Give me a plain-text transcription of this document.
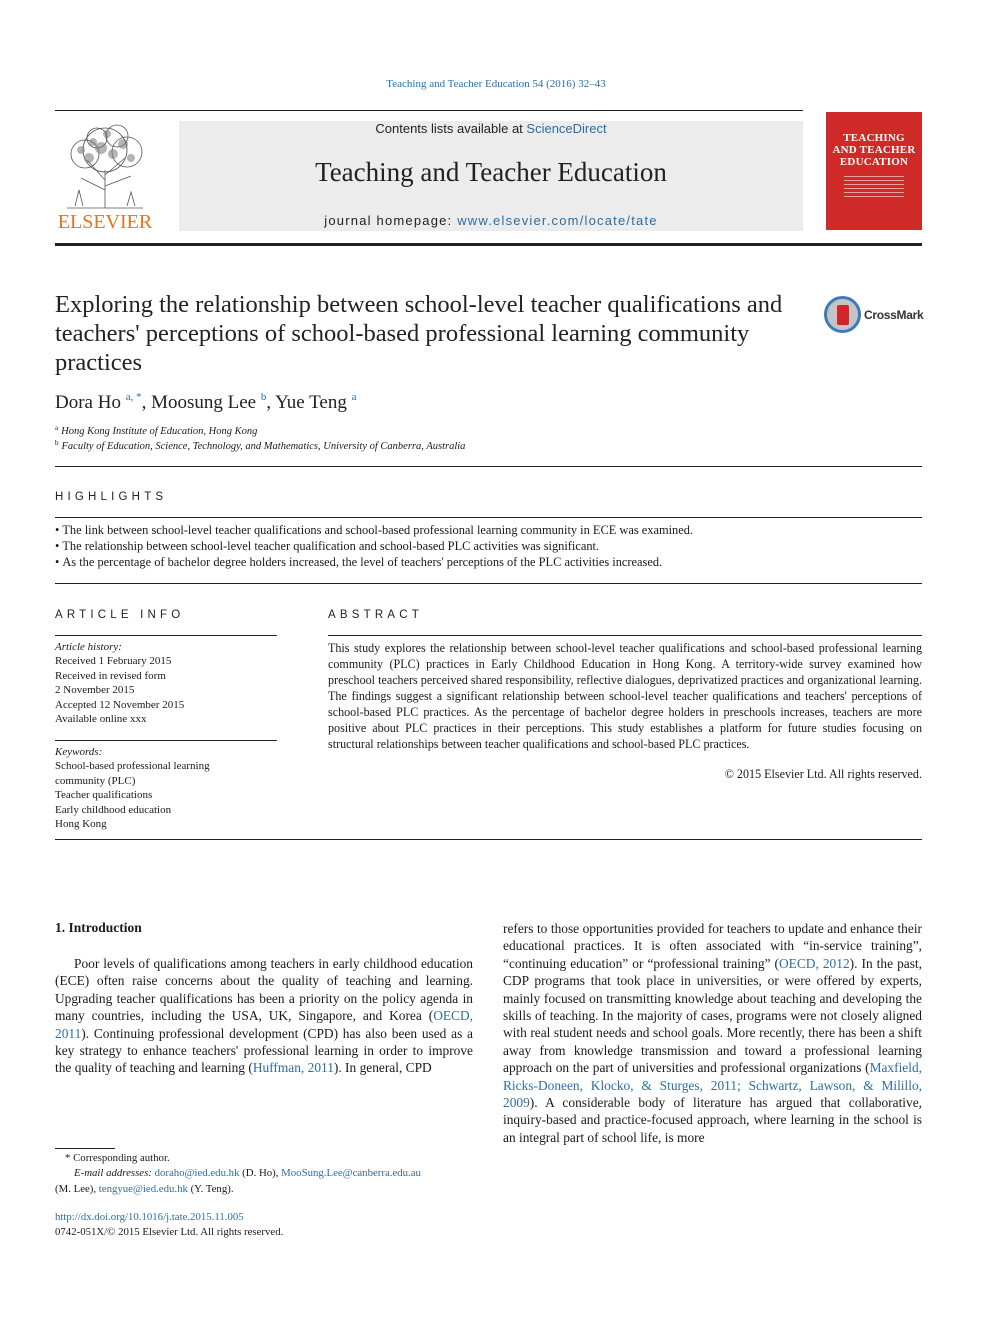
Teaching and Teacher Education 54 (2016) 32–43
ELSEVIER
Contents lists available at ScienceDirect
Teaching and Teacher Education
journal homepage: www.elsevier.com/locate/tate
TEACHING AND TEACHER EDUCATION
Exploring the relationship between school-level teacher qualifications and teachers' perceptions of school-based professional learning community practices
CrossMark
Dora Ho $^{a, *}$, Moosung Lee $^b$, Yue Teng $^a$
$^a$ Hong Kong Institute of Education, Hong Kong
$^b$ Faculty of Education, Science, Technology, and Mathematics, University of Canberra, Australia
HIGHLIGHTS
• The link between school-level teacher qualifications and school-based professional learning community in ECE was examined.
• The relationship between school-level teacher qualification and school-based PLC activities was significant.
• As the percentage of bachelor degree holders increased, the level of teachers' perceptions of the PLC activities increased.
ARTICLE INFO	ABSTRACT
Article history:
Received 1 February 2015
Received in revised form
2 November 2015
Accepted 12 November 2015
Available online xxx
Keywords:
School-based professional learning
community (PLC)
Teacher qualifications
Early childhood education
Hong Kong
This study explores the relationship between school-level teacher qualifications and school-based professional learning community (PLC) practices in Early Childhood Education in Hong Kong. A territory-wide survey examined how preschool teachers perceived shared responsibility, reflective dialogues, deprivatized practices and organizational learning. The findings suggest a significant relationship between school-level teacher qualifications and teachers' perceptions of school-based PLC practices. As the percentage of bachelor degree holders in preschools increases, teachers are more positive about PLC practices in their perceptions. This study establishes a platform for future studies focusing on structural relationships between teacher qualifications and school-based PLC practices.
© 2015 Elsevier Ltd. All rights reserved.
1. Introduction
Poor levels of qualifications among teachers in early childhood education (ECE) often raise concerns about the quality of teaching and learning. Upgrading teacher qualifications has been a priority on the policy agenda in many countries, including the USA, UK, Singapore, and Korea (OECD, 2011). Continuing professional development (CPD) has also been used as a key strategy to enhance teachers' professional learning in order to improve the quality of teaching and learning (Huffman, 2011). In general, CPD
refers to those opportunities provided for teachers to update and enhance their educational practices. It is often associated with “in-service training”, “continuing education” or “professional training” (OECD, 2012). In the past, CDP programs that took place in universities, or were offered by experts, mainly focused on transmitting knowledge about teaching and developing the skills of teaching. In the majority of cases, programs were not closely aligned with real student needs and school goals. More recently, there has been a shift away from knowledge transmission and toward a professional learning approach on the part of universities and professional organizations (Maxfield, Ricks-Doneen, Klocko, & Sturges, 2011; Schwartz, Lawson, & Milillo, 2009). A considerable body of literature has argued that collaborative, inquiry-based and practice-focused approach, where learning in the school is an integral part of school life, is more
* Corresponding author.
E-mail addresses: doraho@ied.edu.hk (D. Ho), MooSung.Lee@canberra.edu.au
(M. Lee), tengyue@ied.edu.hk (Y. Teng).
http://dx.doi.org/10.1016/j.tate.2015.11.005
0742-051X/© 2015 Elsevier Ltd. All rights reserved.
